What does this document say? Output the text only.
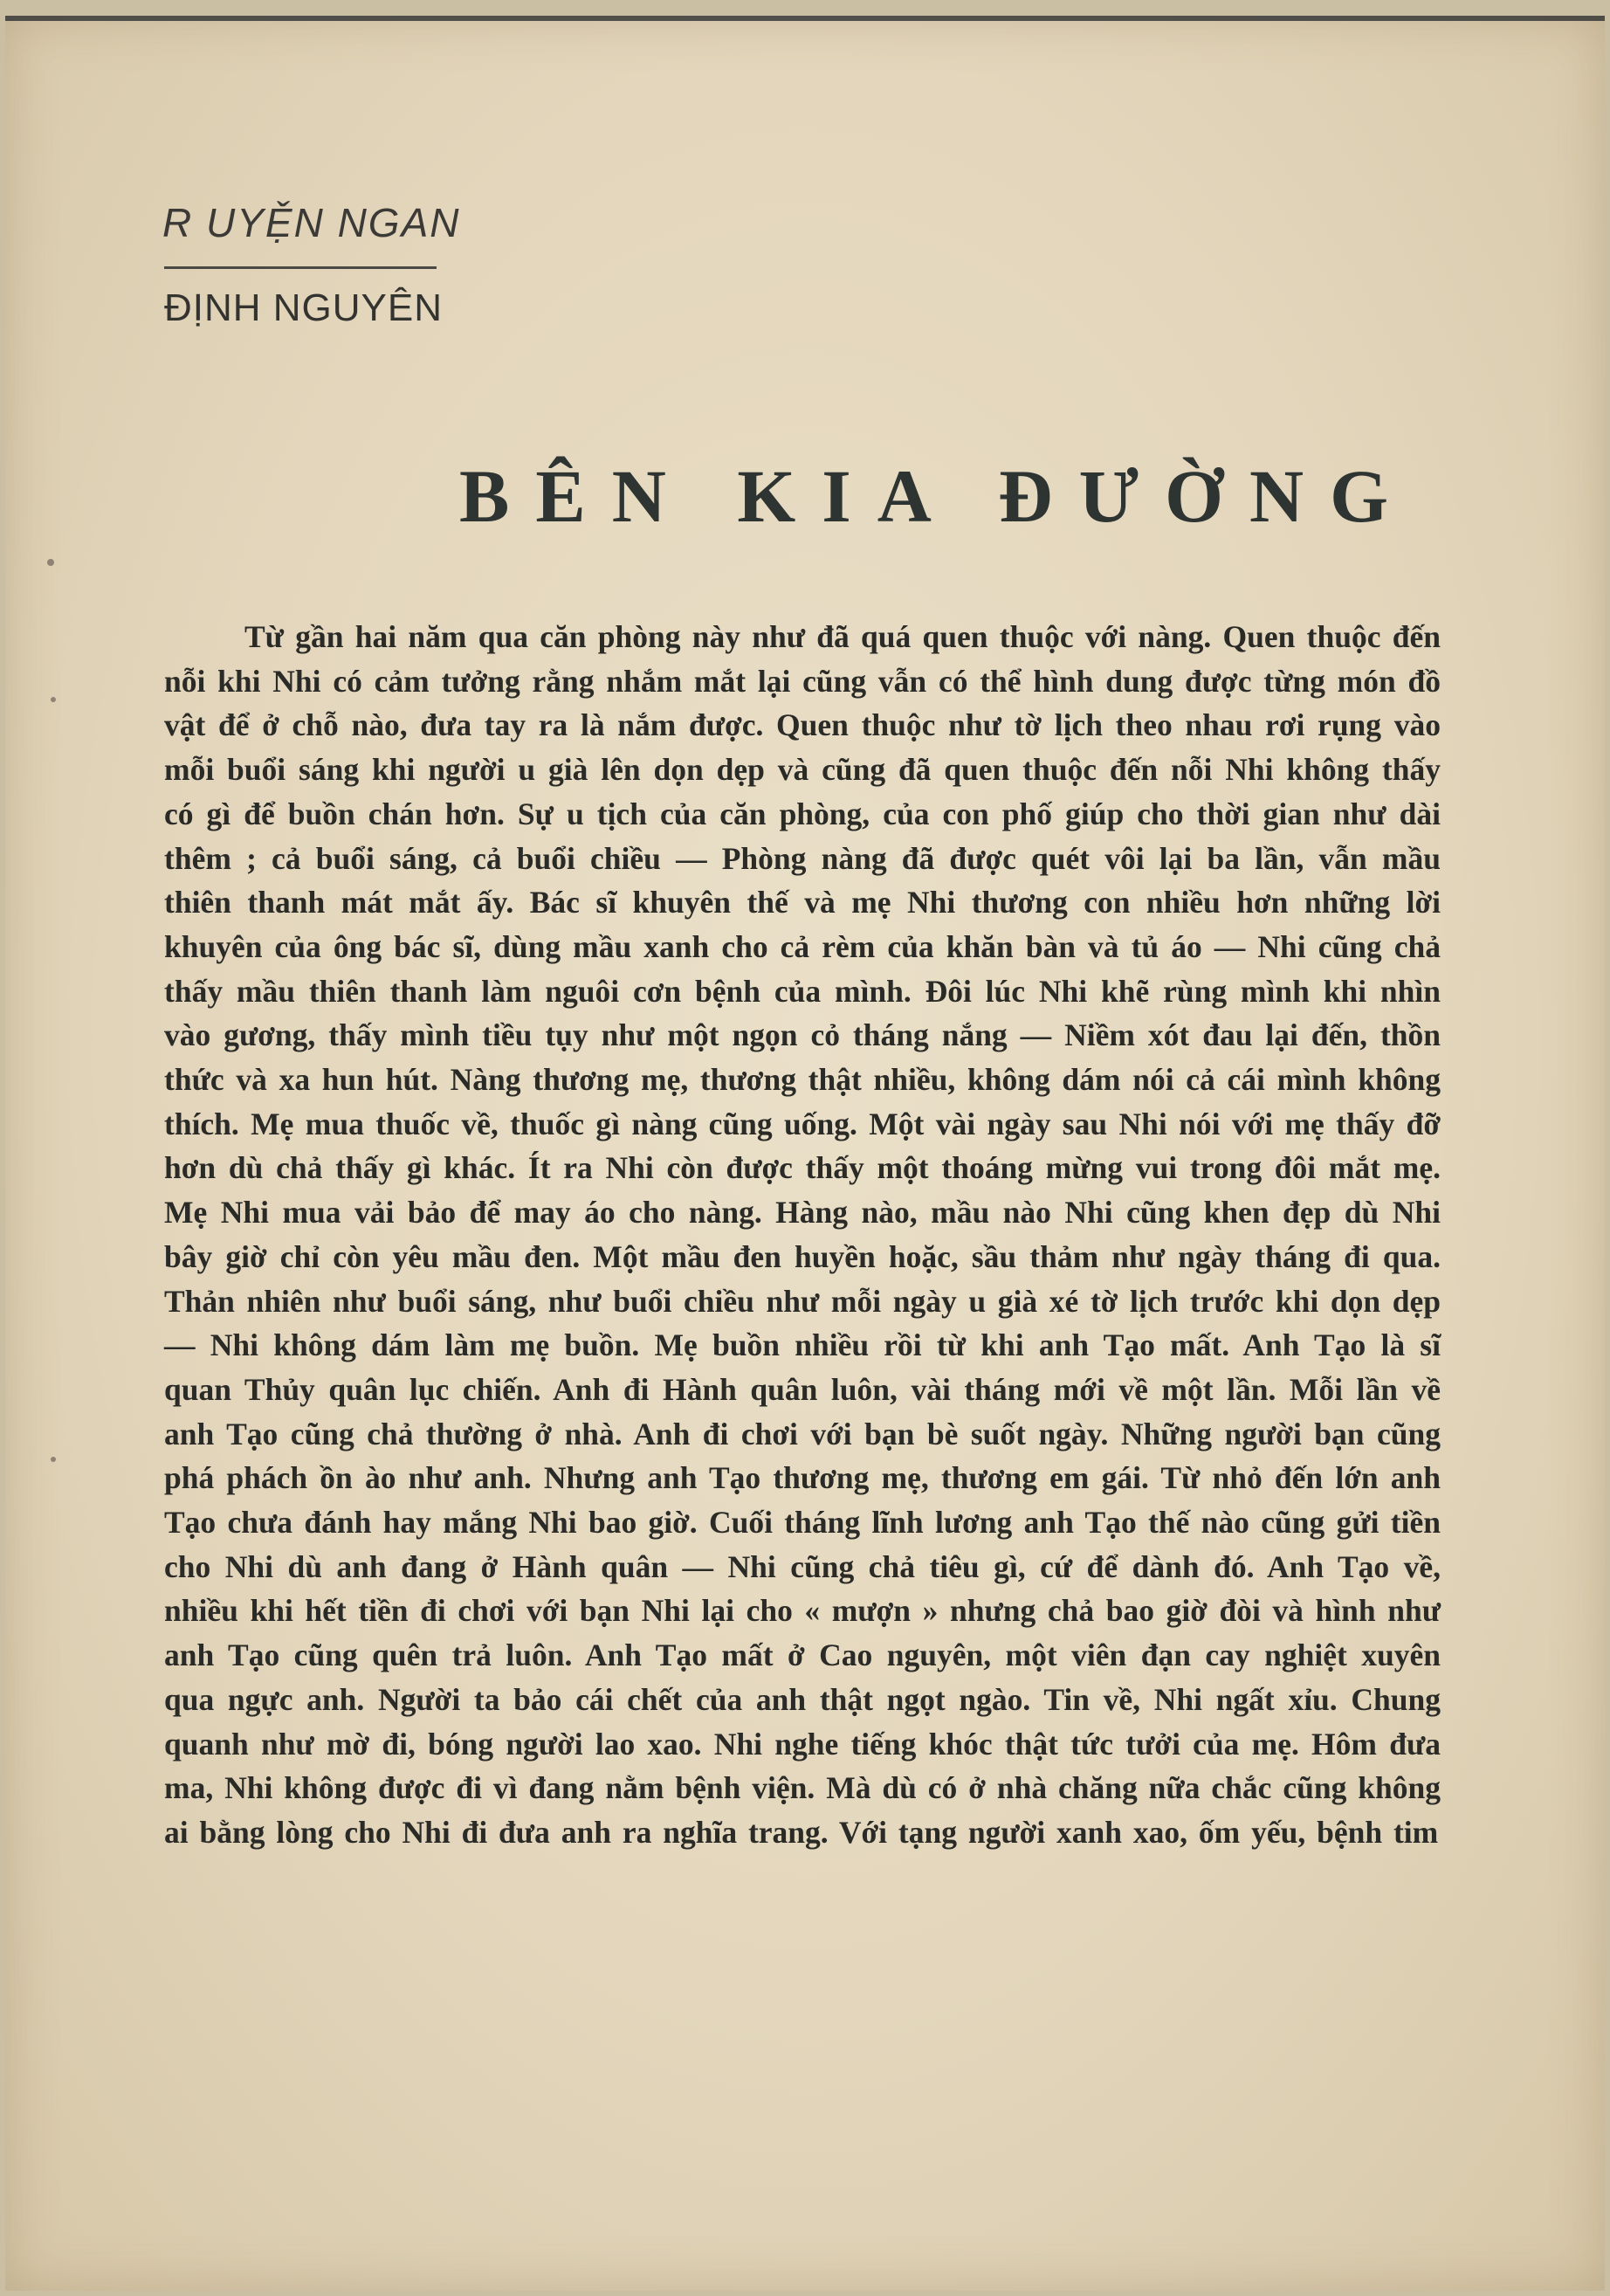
R UYỆN NGAN
ĐỊNH NGUYÊN
BÊN KIA ĐƯỜNG

Từ gần hai năm qua căn phòng này như đã quá quen thuộc với nàng. Quen thuộc đến nỗi khi Nhi có cảm tưởng rằng nhắm mắt lại cũng vẫn có thể hình dung được từng món đồ vật để ở chỗ nào, đưa tay ra là nắm được. Quen thuộc như tờ lịch theo nhau rơi rụng vào mỗi buổi sáng khi người u già lên dọn dẹp và cũng đã quen thuộc đến nỗi Nhi không thấy có gì để buồn chán hơn. Sự u tịch của căn phòng, của con phố giúp cho thời gian như dài thêm ; cả buổi sáng, cả buổi chiều — Phòng nàng đã được quét vôi lại ba lần, vẫn mầu thiên thanh mát mắt ấy. Bác sĩ khuyên thế và mẹ Nhi thương con nhiều hơn những lời khuyên của ông bác sĩ, dùng mầu xanh cho cả rèm của khăn bàn và tủ áo — Nhi cũng chả thấy mầu thiên thanh làm nguôi cơn bệnh của mình. Đôi lúc Nhi khẽ rùng mình khi nhìn vào gương, thấy mình tiều tụy như một ngọn cỏ tháng nắng — Niềm xót đau lại đến, thồn thức và xa hun hút. Nàng thương mẹ, thương thật nhiều, không dám nói cả cái mình không thích. Mẹ mua thuốc về, thuốc gì nàng cũng uống. Một vài ngày sau Nhi nói với mẹ thấy đỡ hơn dù chả thấy gì khác. Ít ra Nhi còn được thấy một thoáng mừng vui trong đôi mắt mẹ. Mẹ Nhi mua vải bảo để may áo cho nàng. Hàng nào, mầu nào Nhi cũng khen đẹp dù Nhi bây giờ chỉ còn yêu mầu đen. Một mầu đen huyền hoặc, sầu thảm như ngày tháng đi qua. Thản nhiên như buổi sáng, như buổi chiều như mỗi ngày u già xé tờ lịch trước khi dọn dẹp — Nhi không dám làm mẹ buồn. Mẹ buồn nhiều rồi từ khi anh Tạo mất. Anh Tạo là sĩ quan Thủy quân lục chiến. Anh đi Hành quân luôn, vài tháng mới về một lần. Mỗi lần về anh Tạo cũng chả thường ở nhà. Anh đi chơi với bạn bè suốt ngày. Những người bạn cũng phá phách ồn ào như anh. Nhưng anh Tạo thương mẹ, thương em gái. Từ nhỏ đến lớn anh Tạo chưa đánh hay mắng Nhi bao giờ. Cuối tháng lĩnh lương anh Tạo thế nào cũng gửi tiền cho Nhi dù anh đang ở Hành quân — Nhi cũng chả tiêu gì, cứ để dành đó. Anh Tạo về, nhiều khi hết tiền đi chơi với bạn Nhi lại cho « mượn » nhưng chả bao giờ đòi và hình như anh Tạo cũng quên trả luôn. Anh Tạo mất ở Cao nguyên, một viên đạn cay nghiệt xuyên qua ngực anh. Người ta bảo cái chết của anh thật ngọt ngào. Tin về, Nhi ngất xỉu. Chung quanh như mờ đi, bóng người lao xao. Nhi nghe tiếng khóc thật tức tưởi của mẹ. Hôm đưa ma, Nhi không được đi vì đang nằm bệnh viện. Mà dù có ở nhà chăng nữa chắc cũng không ai bằng lòng cho Nhi đi đưa anh ra nghĩa trang. Với tạng người xanh xao, ốm yếu, bệnh tim
